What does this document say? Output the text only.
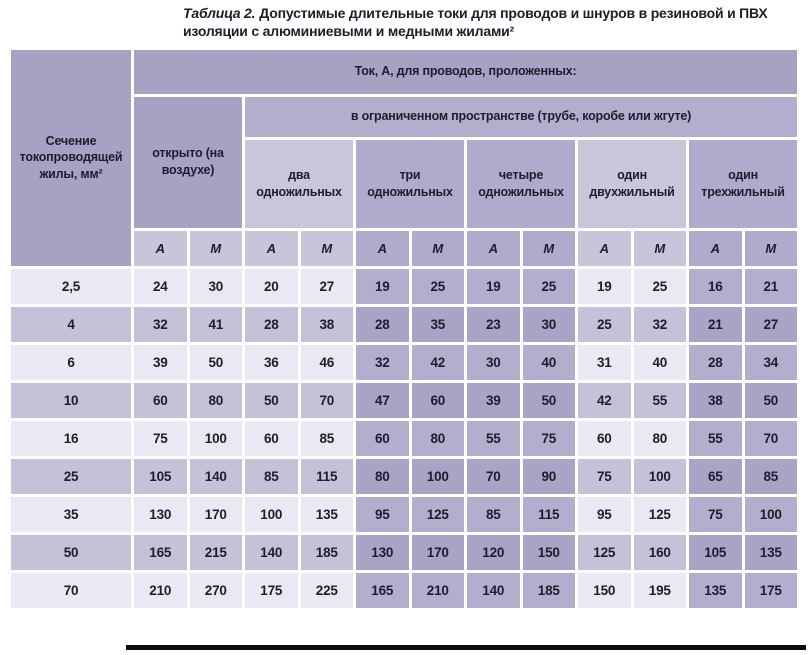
Таблица 2. Допустимые длительные токи для проводов и шнуров в резиновой и ПВХ изоляции с алюминиевыми и медными жилами²
Сечение токопроводящей жилы, мм²	Ток, А, для проводов, проложенных:											
	открыто (на воздухе)		в ограниченном пространстве (трубе, коробе или жгуте)									
			два одножильных		три одножильных		четыре одножильных		один двухжильный		один трехжильный	
	А	М	А	М	А	М	А	М	А	М	А	М
2,5	24	30	20	27	19	25	19	25	19	25	16	21
4	32	41	28	38	28	35	23	30	25	32	21	27
6	39	50	36	46	32	42	30	40	31	40	28	34
10	60	80	50	70	47	60	39	50	42	55	38	50
16	75	100	60	85	60	80	55	75	60	80	55	70
25	105	140	85	115	80	100	70	90	75	100	65	85
35	130	170	100	135	95	125	85	115	95	125	75	100
50	165	215	140	185	130	170	120	150	125	160	105	135
70	210	270	175	225	165	210	140	185	150	195	135	175
